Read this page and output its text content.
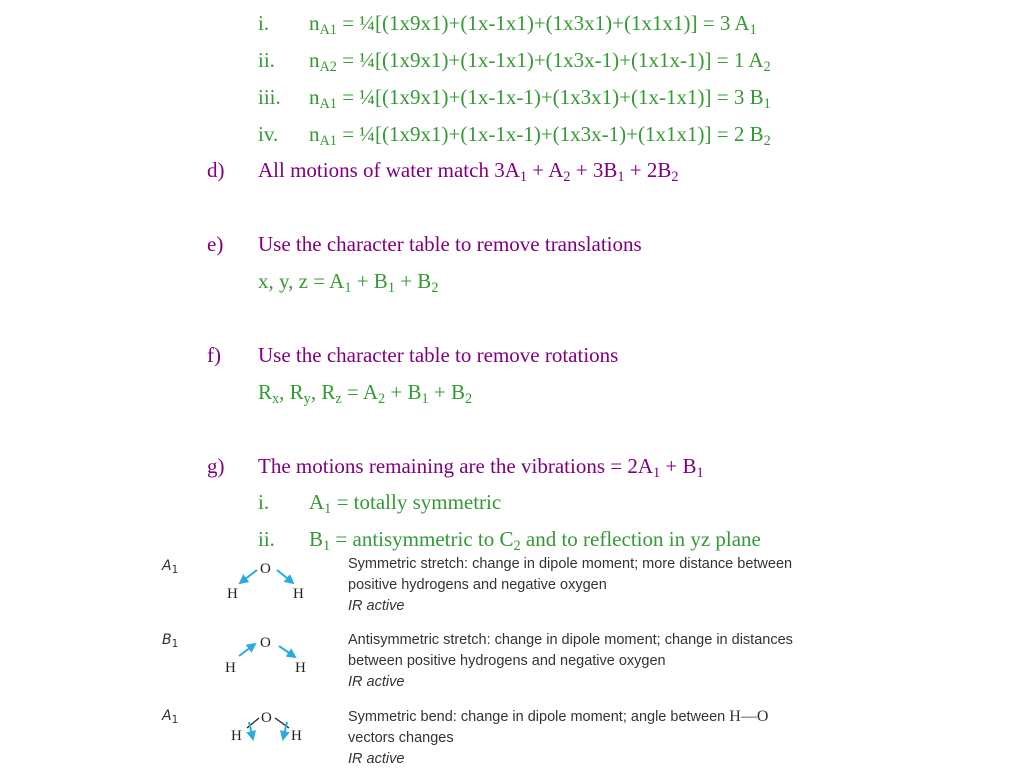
i. $n_{A1}$ = ¼[(1x9x1)+(1x-1x1)+(1x3x1)+(1x1x1)] = 3 $A_1$
ii. $n_{A2}$ = ¼[(1x9x1)+(1x-1x1)+(1x3x-1)+(1x1x-1)] = 1 $A_2$
iii. $n_{A1}$ = ¼[(1x9x1)+(1x-1x-1)+(1x3x1)+(1x-1x1)] = 3 $B_1$
iv. $n_{A1}$ = ¼[(1x9x1)+(1x-1x-1)+(1x3x-1)+(1x1x1)] = 2 $B_2$
d) All motions of water match $3A_1 + A_2 + 3B_1 + 2B_2$
e) Use the character table to remove translations
x, y, $z = A_1 + B_1 + B_2$
f) Use the character table to remove rotations
$R_x$, $R_y$, $R_z = A_2 + B_1 + B_2$
g) The motions remaining are the vibrations = $2A_1 + B_1$
i. $A_1$ = totally symmetric
ii. $B_1$ = antisymmetric to $C_2$ and to reflection in yz plane
$A_1$	O
H	H
Symmetric stretch: change in dipole moment; more distance between
positive hydrogens and negative oxygen
IR active
$B_1$	O
H	H
Antisymmetric stretch: change in dipole moment; change in distances
between positive hydrogens and negative oxygen
IR active
$A_1$	O
H	H
Symmetric bend: change in dipole moment; angle between H—O
vectors changes
IR active
